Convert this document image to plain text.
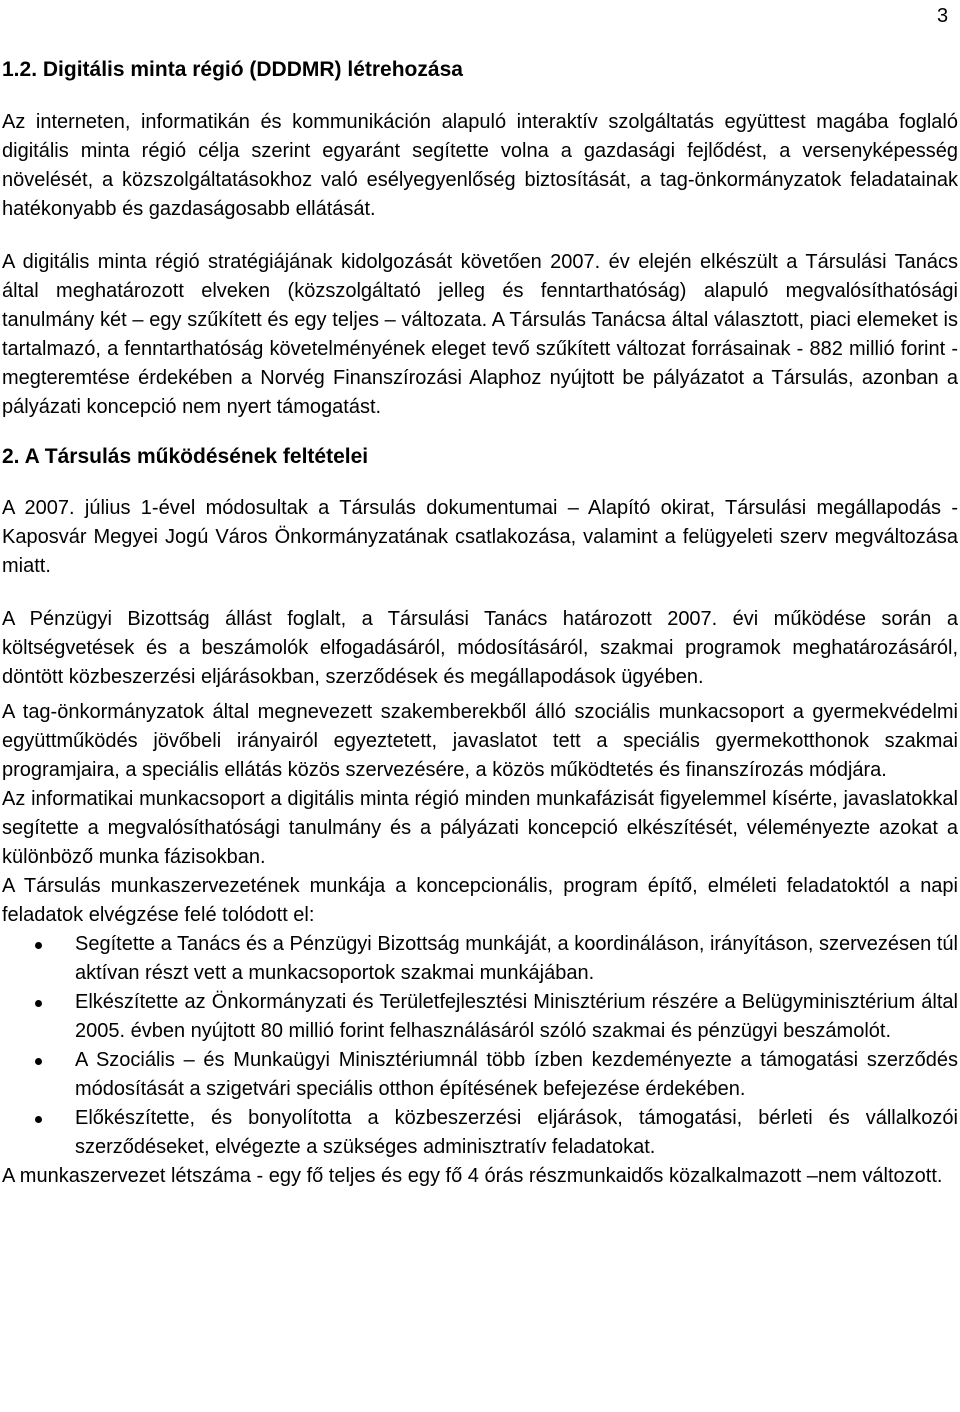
3
1.2. Digitális minta régió (DDDMR) létrehozása

Az interneten, informatikán és kommunikáción alapuló interaktív szolgáltatás együttest magába foglaló digitális minta régió célja szerint egyaránt segítette volna a gazdasági fejlődést, a versenyképesség növelését, a közszolgáltatásokhoz való esélyegyenlőség biztosítását, a tag-önkormányzatok feladatainak hatékonyabb és gazdaságosabb ellátását.

A digitális minta régió stratégiájának kidolgozását követően 2007. év elején elkészült a Társulási Tanács által meghatározott elveken (közszolgáltató jelleg és fenntarthatóság) alapuló megvalósíthatósági tanulmány két – egy szűkített és egy teljes – változata. A Társulás Tanácsa által választott, piaci elemeket is tartalmazó, a fenntarthatóság követelményének eleget tevő szűkített változat forrásainak - 882 millió forint - megteremtése érdekében a Norvég Finanszírozási Alaphoz nyújtott be pályázatot a Társulás, azonban a pályázati koncepció nem nyert támogatást.

2. A Társulás működésének feltételei

A 2007. július 1-ével módosultak a Társulás dokumentumai – Alapító okirat, Társulási megállapodás - Kaposvár Megyei Jogú Város Önkormányzatának csatlakozása, valamint a felügyeleti szerv megváltozása miatt.

A Pénzügyi Bizottság állást foglalt, a Társulási Tanács határozott 2007. évi működése során a költségvetések és a beszámolók elfogadásáról, módosításáról, szakmai programok meghatározásáról, döntött közbeszerzési eljárásokban, szerződések és megállapodások ügyében.

A tag-önkormányzatok által megnevezett szakemberekből álló szociális munkacsoport a gyermekvédelmi együttműködés jövőbeli irányairól egyeztetett, javaslatot tett a speciális gyermekotthonok szakmai programjaira, a speciális ellátás közös szervezésére, a közös működtetés és finanszírozás módjára.

Az informatikai munkacsoport a digitális minta régió minden munkafázisát figyelemmel kísérte, javaslatokkal segítette a megvalósíthatósági tanulmány és a pályázati koncepció elkészítését, véleményezte azokat a különböző munka fázisokban.

A Társulás munkaszervezetének munkája a koncepcionális, program építő, elméleti feladatoktól a napi feladatok elvégzése felé tolódott el:

Segítette a Tanács és a Pénzügyi Bizottság munkáját, a koordináláson, irányításon, szervezésen túl aktívan részt vett a munkacsoportok szakmai munkájában.
Elkészítette az Önkormányzati és Területfejlesztési Minisztérium részére a Belügyminisztérium által 2005. évben nyújtott 80 millió forint felhasználásáról szóló szakmai és pénzügyi beszámolót.
A Szociális – és Munkaügyi Minisztériumnál több ízben kezdeményezte a támogatási szerződés módosítását a szigetvári speciális otthon építésének befejezése érdekében.
Előkészítette, és bonyolította a közbeszerzési eljárások, támogatási, bérleti és vállalkozói szerződéseket, elvégezte a szükséges adminisztratív feladatokat.

A munkaszervezet létszáma - egy fő teljes és egy fő 4 órás részmunkaidős közalkalmazott –nem változott.
